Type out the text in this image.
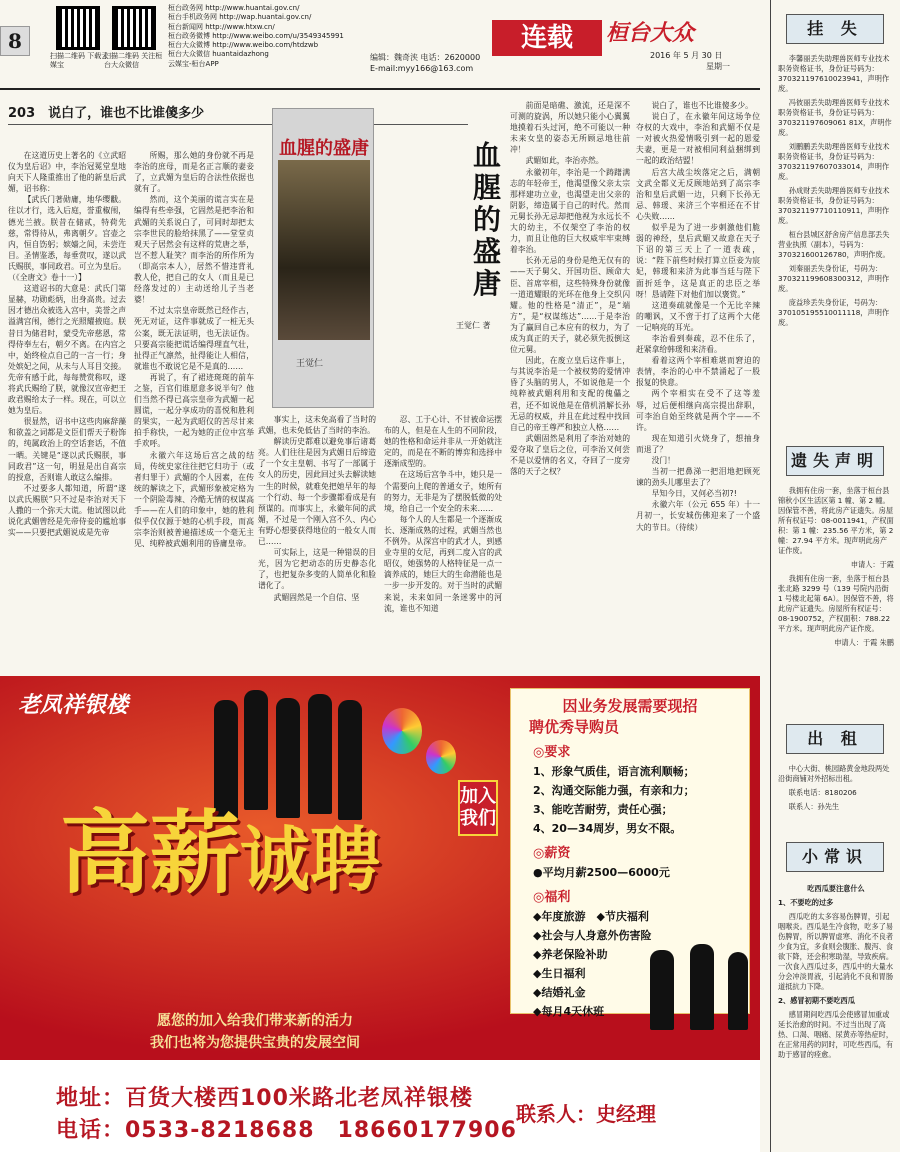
8
扫描二维码 下载云媒宝
扫描二维码 关注桓台大众微信
桓台政务网 http://www.huantai.gov.cn/
桓台手机政务网 http://wap.huantai.gov.cn/
桓台新闻网 http://www.htxw.cn/
桓台政务微博 http://www.weibo.com/u/3549345991
桓台大众微博 http://www.weibo.com/htdzwb
桓台大众微信 huantaidazhong
云媒宝-桓台APP
编辑：魏奇浃 电话：2620000
E-mail:myy166@163.com
连载	桓台大众
2016 年 5 月 30 日
星期一
203　说白了，谁也不比谁傻多少
血腥的盛唐
王觉仁
血腥的盛唐
王觉仁 著

在这道历史上著名的《立武昭仪为皇后诏》中，李治冠冕堂皇地向天下人隆重推出了他的新皇后武媚，诏书称：

【武氏门著勋庸，地华缨黻。往以才行，选入后庭，誉重椒闱，德光兰掖。朕昔在储贰，特荷先慈，常得待从，弗离朝夕。宫壶之内，恒自饬躬；嫔嫱之间，未尝迕目。圣情鉴悉，每垂赏叹，遂以武氏赐朕，事同政君。可立为皇后。（《全唐文》卷十一）】

这道诏书的大意是：武氏门第显赫，功勋彪炳，出身高贵。过去因才德出众被选入宫中，美誉之声溢满宫闱，德行之光照耀掖庭。朕昔日为储君时，蒙受先帝慈恩，常得侍奉左右，朝夕不离。在内宫之中，始终检点自己的一言一行；身处嫔妃之间，从未与人耳目交接。先帝有感于此，每每赞赏称叹，遂将武氏赐给了朕，就像汉宣帝把王政君赐给太子一样。现在，可以立她为皇后。

很显然，诏书中这些肉麻辞藻和欲盖之词都是文臣们帮天子粉饰的，纯属政治上的空话套话，不值一晒。关键是“遂以武氏赐朕，事同政君”这一句，明显是出自高宗的授意，否则谁人敢这么编排。

不过要多人都知道，所谓“遂以武氏赐朕”只不过是李治对天下人撒的一个弥天大谎。他试图以此说化武媚曾经是先帝侍妾的尴尬事实——只要把武媚说成是先帝

所赐，那么她的身份就不再是李治的庶母，而是名正言顺的妻妾了，立武媚为皇后的合法性依据也就有了。

然而，这个美丽的谎言实在是编得有些牵强，它固然是把李治和武媚的关系说白了，可同时却把太宗李世民的脸给抹黑了——堂堂贞观天子居然会有这样的荒唐之举，岂不惹人耻笑？而李治的所作所为（即高宗本人），居然不惜违背礼教人伦，把自己的女人（而且是已经落发过的）主动送给儿子当老婆！

不过太宗皇帝既然已经作古，死无对证，这件事就成了一桩无头公案，既无法证明，也无法证伪。只要高宗能把谎话编得理直气壮，扯得正气凛然，扯得能让人相信，就谁也不敢说它是不是真的……

再说了，有了裙迹斑斑的前车之鉴，百官们谁愿意多说半句？他们当然不得已高宗皇帝为武媚一起圆谎，一起分享成功的喜悦和胜利的果实，一起为武昭仪的苦尽甘来拍手称快，一起为她的正位中宫举手欢呼。

永徽六年这场后宫之战的结局，传统史家往往把它归功于（或者归罪于）武媚的个人因素，在传统的解读之下，武媚形象被定格为一个阴险毒辣、冷酷无情的权谋高手——在人们的印象中，她的胜利似乎仅仅源于她的心机手段，而高宗李治则被普遍描述成一个毫无主见、纯粹被武媚利用的昏庸皇帝。

事实上，这未免高看了当时的武媚，也未免低估了当时的李治。

解读历史都难以避免事后诸葛亮。人们往往是因为武媚日后缔造了一个女主皇朝、书写了一部属于女人的历史，因此回过头去解读她一生的时候，就难免把她早年的每一个行动、每一个步骤都看成是有预谋的。而事实上，永徽年间的武媚，不过是一个刚入宫不久、内心有野心想要获得地位的一般女人而已……

可实际上，这是一种错误的目光，因为它把动态的历史静态化了，也把复杂多变的人简单化和脸谱化了。

武媚固然是一个自信、坚

忍、工于心计、不甘被命运摆布的人，但是在人生的不同阶段，她的性格和命运并非从一开始就注定的，而是在不断的博弈和选择中逐渐成型的。

在这场后宫争斗中，她只是一个需要向上爬的普通女子，她所有的努力，无非是为了摆脱低微的处境，给自己一个安全的未来……

每个人的人生都是一个逐渐成长、逐渐成熟的过程，武媚当然也不例外。从深宫中的武才人，到感业寺里的女尼，再到二度入宫的武昭仪，她强势的人格特征是一点一滴养成的，她巨大的生命潜能也是一步一步开发的。对于当时的武媚来说，未来如同一条迷雾中的河流，谁也不知道

前面是暗礁、激流，还是深不可测的旋涡，所以她只能小心翼翼地摸着石头过河，绝不可能以一种未来女皇的姿态无所顾忌地往前冲！

武媚如此，李治亦然。

永徽初年，李治是一个踌躇满志的年轻帝王，他渴望像父亲太宗那样建功立业，也渴望走出父亲的阴影，缔造属于自己的时代。然而元舅长孙无忌却把他视为永远长不大的幼主，不仅架空了李治的权力，而且让他的巨大权威牢牢束缚着李治。

长孙无忌的身份是绝无仅有的——天子舅父、开国功臣、顾命大臣、首席宰相，这些特殊身份就像一道道耀眼的光环在他身上交织闪耀。他的性格是“清正”，是“端方”，是“权谋练达”……于是李治为了赢回自己本应有的权力，为了成为真正的天子，就必须先扳倒这位元舅。

因此，在废立皇后这件事上，与其说李治是一个被权势的爱情冲昏了头脑的男人，不如说他是一个纯粹被武媚利用和支配的傀儡之君，还不如说他是在借机消解长孙无忌的权威，并且在此过程中找回自己的帝王尊严和独立人格……

武媚固然是利用了李治对她的爱夺取了皇后之位，可李治又何尝不是以爱情的名义，夺回了一度旁落的天子之权？

说白了，谁也不比谁傻多少。

说白了，在永徽年间这场争位夺权的大戏中，李治和武媚不仅是一对被火热爱情吸引到一起的恩爱夫妻，更是一对被相同利益捆绑到一起的政治结盟！

后宫大战尘埃落定之后，满朝文武全都义无反顾地站到了高宗李治和皇后武媚一边，只剩下长孙无忌、韩瑗、来济三个宰相还在不甘心失败……

似乎是为了进一步刺激他们脆弱的神经，皇后武媚又故意在天子下诏的第三天上了一道表疏，说：“陛下前些时候打算立臣妾为宸妃，韩瑗和来济为此事当廷与陛下面折廷争，这是真正的忠臣之举呀！恳请陛下对他们加以褒赏。”

这道奏疏就像是一个无比辛辣的嘲讽，又不啻于打了这两个大佬一记响亮的耳光。

李治看到奏疏，忍不住乐了，赶紧拿给韩瑗和来济看。

看着这两个宰相难堪而窘迫的表情，李治的心中不禁涌起了一股报复的快意。

两个宰相实在受不了这等羞辱，过后便相继向高宗提出辞职，可李治自始至终就是两个字——不许。

现在知道引火烧身了，想抽身而退了？

没门！

当初一把鼻涕一把泪地把顾死谏的劲头儿哪里去了？

早知今日，又何必当初?!

永徽六年（公元 655 年）十一月初一，长安城伤佛迎来了一个盛大的节日。（待续）

挂 失

李馨丽丢失助理兽医师专业技术职务资格证书，身份证号码为：370321197610023941，声明作废。

冯彼丽丢失助理兽医师专业技术职务资格证书，身份证号码为：370321197609061 81X，声明作废。

刘鹏鹏丢失助理兽医师专业技术职务资格证书，身份证号码为：370321197607033014，声明作废。

孙成财丢失助理兽医师专业技术职务资格证书，身份证号码为：370321197710110911，声明作废。

桓台县城区舒舍房产信息部丢失营业执照（副本），号码为：370321600126780，声明作废。

刘秦丽丢失身份证，号码为：370321199608300312，声明作废。

庞益珍丢失身份证，号码为：370105195510011118，声明作废。

遗失声明

我拥有住房一套，坐落于桓台县锦秋小区生活区第 1 幢、第 2 幢。因保管不善，将此房产证遗失。房屋所有权证号：08-0011941，产权面积：第 1 幢：235.56 平方米，第 2 幢：27.94 平方米。现声明此房产证作废。

申请人：于霞

我拥有住房一套，坐落于桓台县张北路 3299 号（139 号院内沿街 1 号楼北起第 6A）。因保管不善，将此房产证遗失。房屋所有权证号：08-1900752，产权面积：788.22 平方米。现声明此房产证作废。

申请人：于霞 朱鹏

出 租

中心大街、桃园路黄金地段两处沿街商铺对外招标出租。

联系电话：8180206

联系人：孙先生

小常识

吃西瓜要注意什么

1、不要吃的过多

西瓜吃的太多容易伤脾胃，引起咽喉炎。西瓜是生冷食物，吃多了易伤脾胃，所以脾胃虚寒、消化不良者少食为宜，多食则会腹胀、腹泻、食欲下降，还会积寒助湿，导致疾病。一次食入西瓜过多，西瓜中的大量水分会冲淡胃液，引起消化不良和胃肠道抵抗力下降。

2、感冒初期不要吃西瓜

感冒期间吃西瓜会使感冒加重或延长治愈的时间。不过当出现了高热、口渴、咽痛、尿黄赤等热症时，在正常用药的同时，可吃些西瓜，有助于感冒的痊愈。

老凤祥银楼
高薪诚聘
加入我们
因业务发展需要现招
聘优秀导购员
◎要求
1、形象气质佳，语言流利顺畅；
2、沟通交际能力强，有亲和力；
3、能吃苦耐劳，责任心强；
4、20—34周岁，男女不限。
◎薪资
●平均月薪2500—6000元
◎福利
◆年度旅游　◆节庆福利
◆社会与人身意外伤害险
◆养老保险补助
◆生日福利
◆结婚礼金
◆每月4天休班
愿您的加入给我们带来新的活力
我们也将为您提供宝贵的发展空间
地址：百货大楼西100米路北老凤祥银楼
电话：0533-8218688　18660177906
联系人：史经理
